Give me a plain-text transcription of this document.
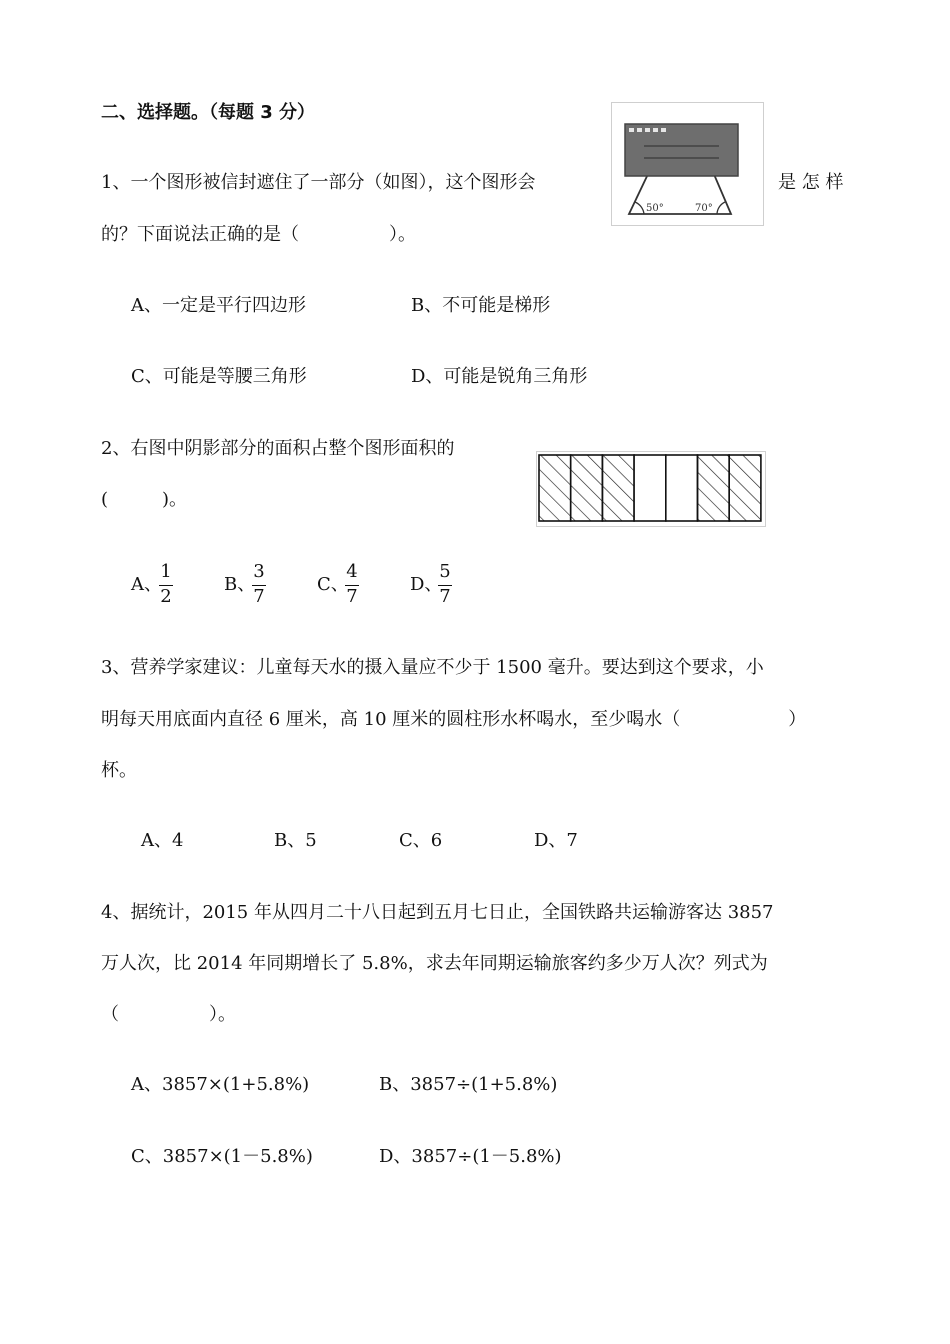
二、选择题。（每题 3 分）
1、一个图形被信封遮住了一部分（如图），这个图形会	是 怎 样
的？下面说法正确的是（　　　　　）。
50°	70°
A、一定是平行四边形	B、不可能是梯形
C、可能是等腰三角形	D、可能是锐角三角形
2、右图中阴影部分的面积占整个图形面积的
(　　　)。
A、
1
2
B、
3
7
C、
4
7
D、
5
7
3、营养学家建议：儿童每天水的摄入量应不少于 1500 毫升。要达到这个要求，小
明每天用底面内直径 6 厘米，高 10 厘米的圆柱形水杯喝水，至少喝水（　　　　　　）
杯。
A、4	B、5	C、6	D、7
4、据统计，2015 年从四月二十八日起到五月七日止，全国铁路共运输游客达 3857
万人次，比 2014 年同期增长了 5.8%，求去年同期运输旅客约多少万人次？列式为
（　　　　　）。
A、3857×(1+5.8%)	B、3857÷(1+5.8%)
C、3857×(1－5.8%)	D、3857÷(1－5.8%)
